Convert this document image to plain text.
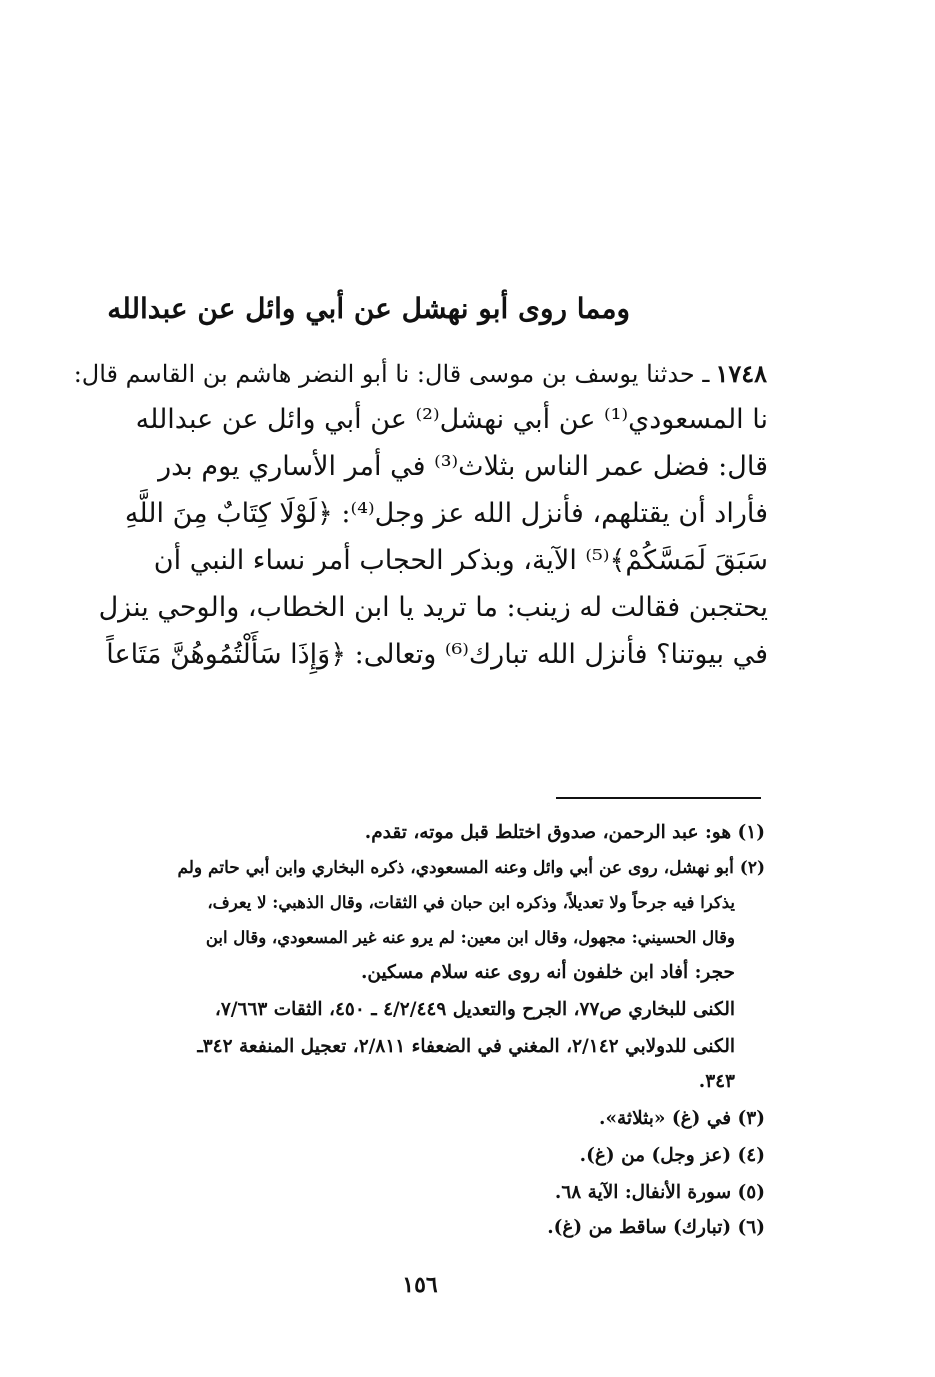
ومما روى أبو نهشل عن أبي وائل عن عبدالله
١٧٤٨ـ حدثنا يوسف بن موسى قال: نا أبو النضر هاشم بن القاسم قال:
نا المسعودي⁽¹⁾ عن أبي نهشل⁽²⁾ عن أبي وائل عن عبدالله
قال: فضل عمر الناس بثلاث⁽³⁾ في أمر الأساري يوم بدر
فأراد أن يقتلهم، فأنزل الله عز وجل⁽⁴⁾: ﴿لَوْلَا كِتَابٌ مِنَ اللَّهِ
سَبَقَ لَمَسَّكُمْ﴾⁽⁵⁾ الآية، وبذكر الحجاب أمر نساء النبي أن
يحتجبن فقالت له زينب: ما تريد يا ابن الخطاب، والوحي ينزل
في بيوتنا؟ فأنزل الله تبارك⁽⁶⁾ وتعالى: ﴿وَإِذَا سَأَلْتُمُوهُنَّ مَتَاعاً
(١) هو: عبد الرحمن، صدوق اختلط قبل موته، تقدم.
(٢) أبو نهشل، روى عن أبي وائل وعنه المسعودي، ذكره البخاري وابن أبي حاتم ولم
يذكرا فيه جرحاً ولا تعديلاً، وذكره ابن حبان في الثقات، وقال الذهبي: لا يعرف،
وقال الحسيني: مجهول، وقال ابن معين: لم يرو عنه غير المسعودي، وقال ابن
حجر: أفاد ابن خلفون أنه روى عنه سلام مسكين.
الكنى للبخاري ص٧٧، الجرح والتعديل ٤/٢/٤٤٩ ـ ٤٥٠، الثقات ٧/٦٦٣،
الكنى للدولابي ٢/١٤٢، المغني في الضعفاء ٢/٨١١، تعجيل المنفعة ٣٤٢ـ
٣٤٣.
(٣) في (غ) «بثلاثة».
(٤) (عز وجل) من (غ).
(٥) سورة الأنفال: الآية ٦٨.
(٦) (تبارك) ساقط من (غ).
١٥٦
